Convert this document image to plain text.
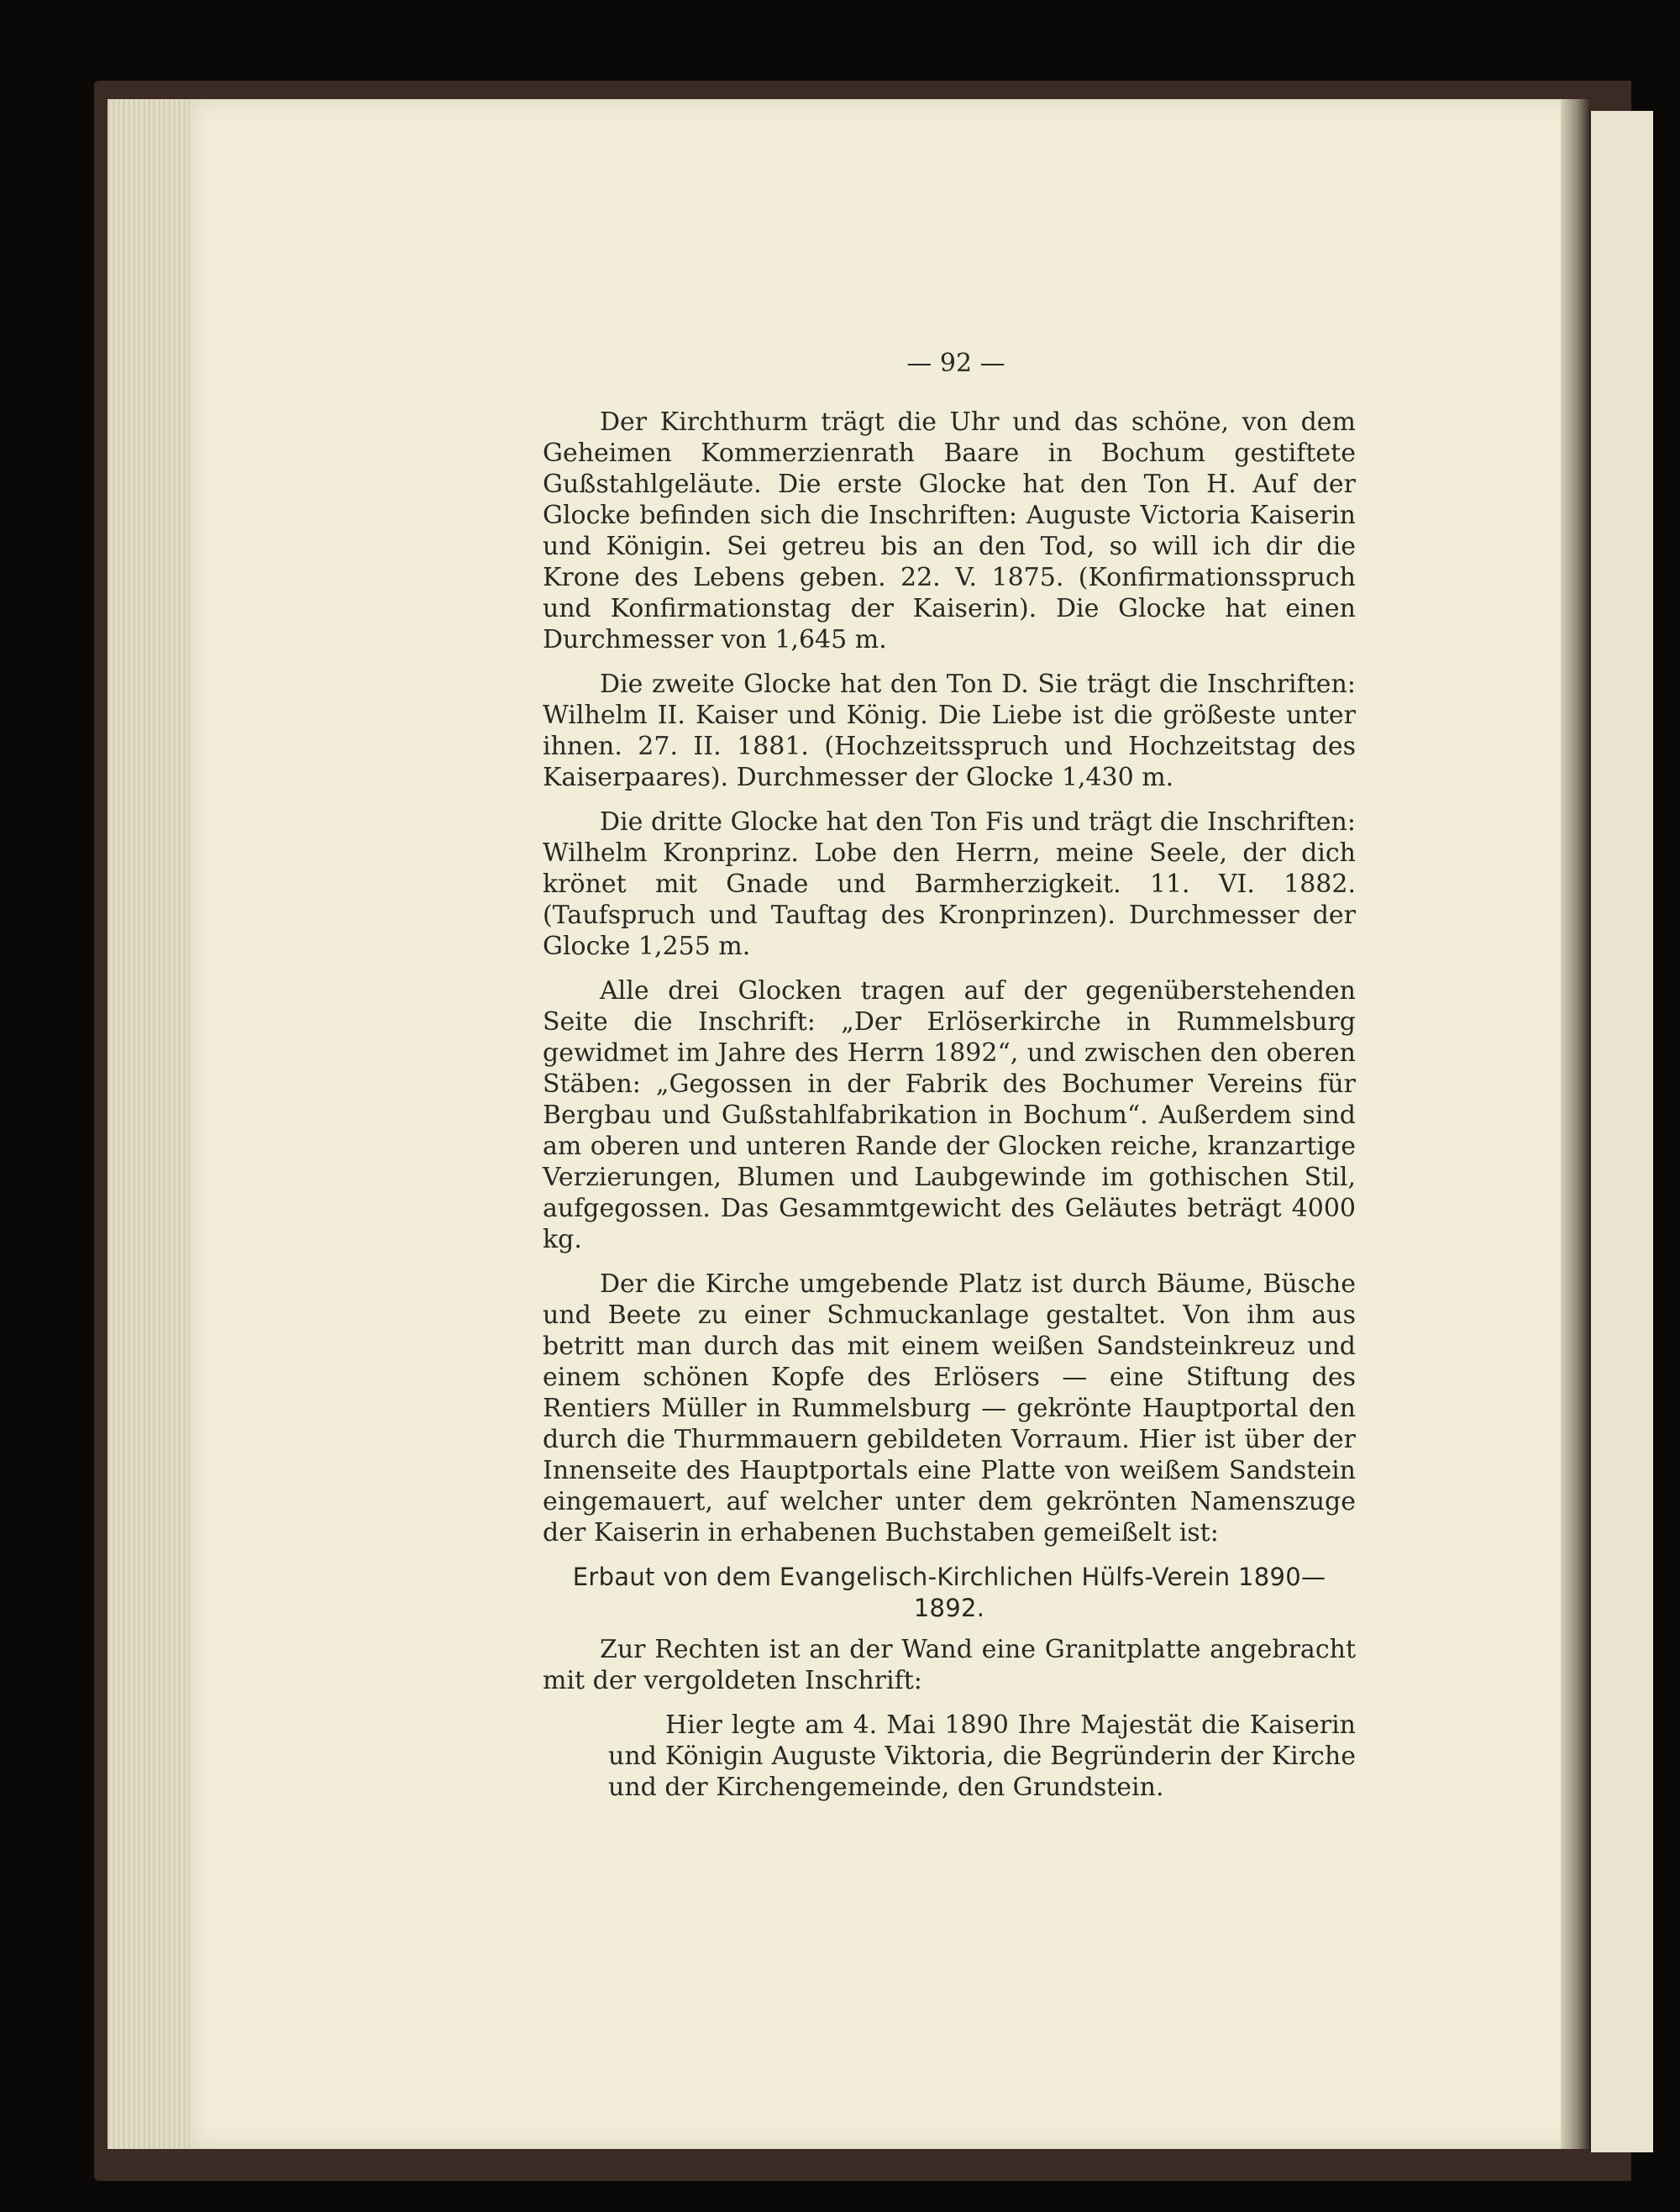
— 92 —

Der Kirchthurm trägt die Uhr und das schöne, von dem Geheimen Kommerzienrath Baare in Bochum gestiftete Gußstahlgeläute. Die erste Glocke hat den Ton H. Auf der Glocke befinden sich die Inschriften: Auguste Victoria Kaiserin und Königin. Sei getreu bis an den Tod, so will ich dir die Krone des Lebens geben. 22. V. 1875. (Konfirmationsspruch und Konfirmationstag der Kaiserin). Die Glocke hat einen Durchmesser von 1,645 m.

Die zweite Glocke hat den Ton D. Sie trägt die Inschriften: Wilhelm II. Kaiser und König. Die Liebe ist die größeste unter ihnen. 27. II. 1881. (Hochzeitsspruch und Hochzeitstag des Kaiserpaares). Durchmesser der Glocke 1,430 m.

Die dritte Glocke hat den Ton Fis und trägt die Inschriften: Wilhelm Kronprinz. Lobe den Herrn, meine Seele, der dich krönet mit Gnade und Barmherzigkeit. 11. VI. 1882. (Taufspruch und Tauftag des Kronprinzen). Durchmesser der Glocke 1,255 m.

Alle drei Glocken tragen auf der gegenüberstehenden Seite die Inschrift: „Der Erlöserkirche in Rummelsburg gewidmet im Jahre des Herrn 1892“, und zwischen den oberen Stäben: „Gegossen in der Fabrik des Bochumer Vereins für Bergbau und Gußstahlfabrikation in Bochum“. Außerdem sind am oberen und unteren Rande der Glocken reiche, kranzartige Verzierungen, Blumen und Laubgewinde im gothischen Stil, aufgegossen. Das Gesammtgewicht des Geläutes beträgt 4000 kg.

Der die Kirche umgebende Platz ist durch Bäume, Büsche und Beete zu einer Schmuckanlage gestaltet. Von ihm aus betritt man durch das mit einem weißen Sandsteinkreuz und einem schönen Kopfe des Erlösers — eine Stiftung des Rentiers Müller in Rummelsburg — gekrönte Hauptportal den durch die Thurmmauern gebildeten Vorraum. Hier ist über der Innenseite des Hauptportals eine Platte von weißem Sandstein eingemauert, auf welcher unter dem gekrönten Namenszuge der Kaiserin in erhabenen Buchstaben gemeißelt ist:

Erbaut von dem Evangelisch-Kirchlichen Hülfs-Verein 1890—1892.

Zur Rechten ist an der Wand eine Granitplatte angebracht mit der vergoldeten Inschrift:

Hier legte am 4. Mai 1890 Ihre Majestät die Kaiserin und Königin Auguste Viktoria, die Begründerin der Kirche und der Kirchengemeinde, den Grundstein.
